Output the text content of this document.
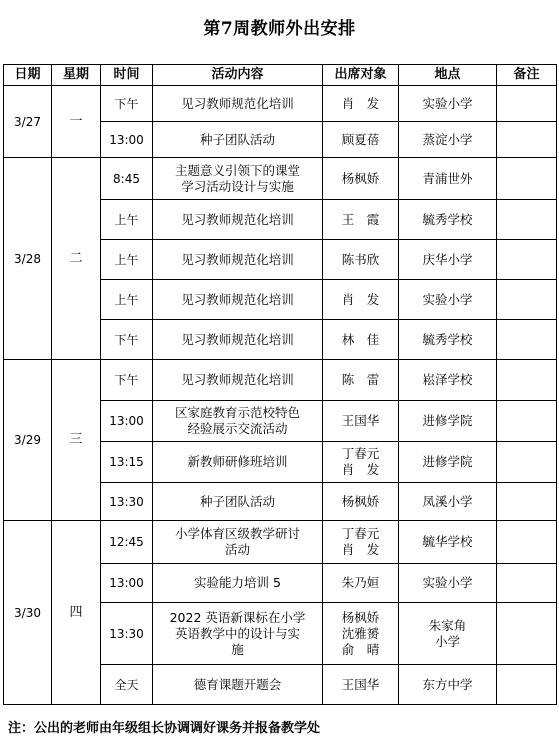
第7周教师外出安排
日期	星期	时间	活动内容	出席对象	地点	备注
3/27	一	下午	见习教师规范化培训	肖　发	实验小学	

		13:00	种子团队活动	顾夏蓓	蒸淀小学	

3/28	二	8:45	主题意义引领下的课堂
学习活动设计与实施	杨枫娇	青浦世外	

		上午	见习教师规范化培训	王　霞	毓秀学校	

		上午	见习教师规范化培训	陈书欣	庆华小学	

		上午	见习教师规范化培训	肖　发	实验小学	

		下午	见习教师规范化培训	林　佳	毓秀学校	

3/29	三	下午	见习教师规范化培训	陈　雷	崧泽学校	

		13:00	区家庭教育示范校特色
经验展示交流活动	王国华	进修学院	

		13:15	新教师研修班培训	丁春元
肖　发	进修学院	

		13:30	种子团队活动	杨枫娇	凤溪小学	

3/30	四	12:45	小学体育区级教学研讨
活动	丁春元
肖　发	毓华学校	

		13:00	实验能力培训 5	朱乃姮	实验小学	

		13:30	2022 英语新课标在小学
英语教学中的设计与实
施	杨枫娇
沈雅赟
俞　晴	朱家角
小学	

		全天	德育课题开题会	王国华	东方中学	

注：公出的老师由年级组长协调调好课务并报备教学处
